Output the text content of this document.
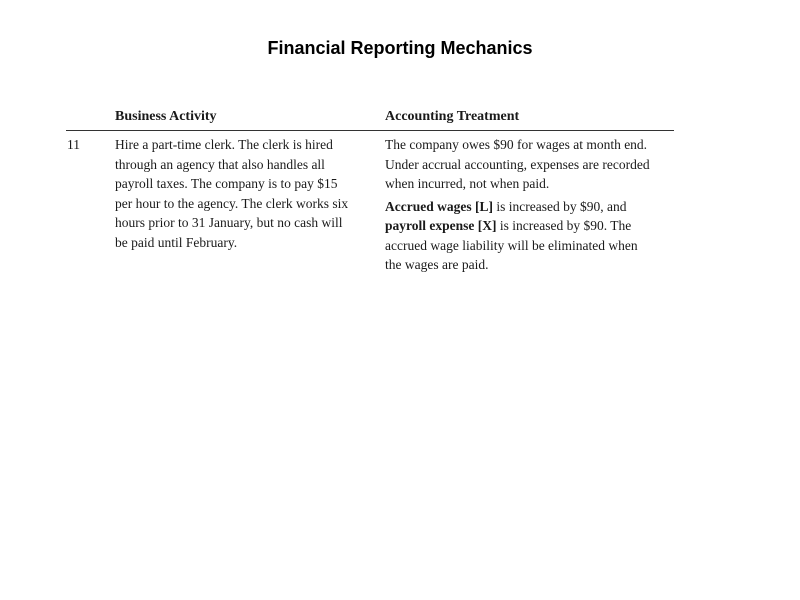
Financial Reporting Mechanics
Business Activity	Accounting Treatment
11	Hire a part-time clerk. The clerk is hired
through an agency that also handles all
payroll taxes. The company is to pay $15
per hour to the agency. The clerk works six
hours prior to 31 January, but no cash will
be paid until February.
The company owes $90 for wages at month end.
Under accrual accounting, expenses are recorded
when incurred, not when paid.
Accrued wages [L] is increased by $90, and
payroll expense [X] is increased by $90. The
accrued wage liability will be eliminated when
the wages are paid.
